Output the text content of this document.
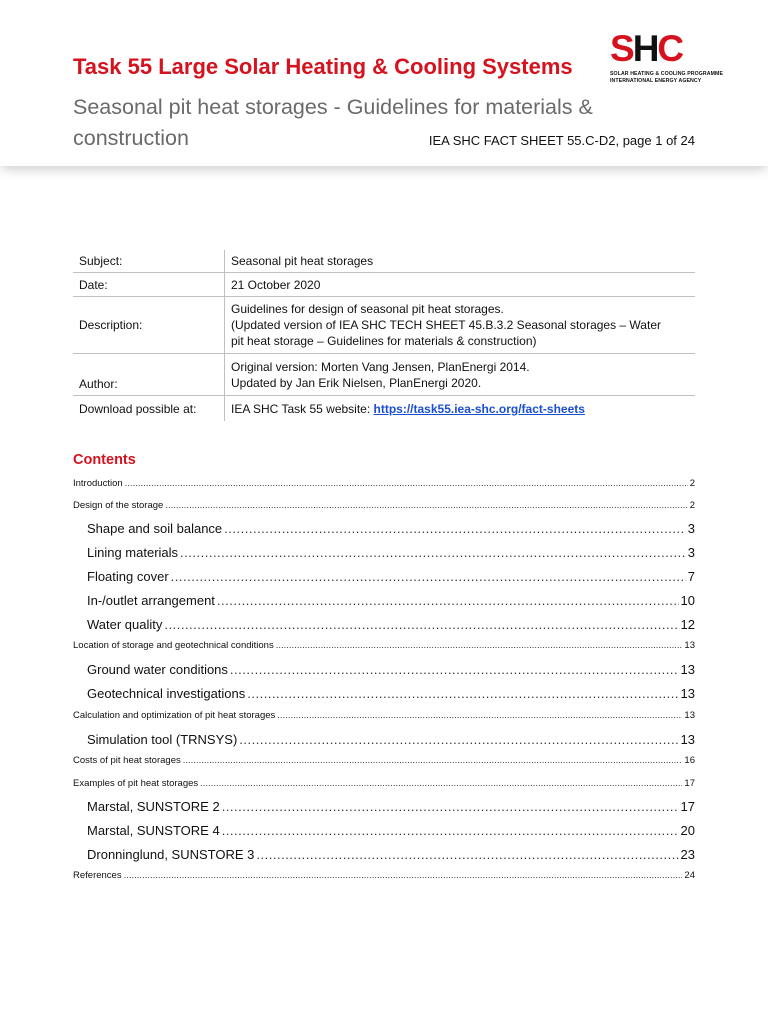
Task 55 Large Solar Heating & Cooling Systems
Seasonal pit heat storages - Guidelines for materials & construction	IEA SHC FACT SHEET 55.C-D2, page 1 of 24
SHC
SOLAR HEATING & COOLING PROGRAMME
INTERNATIONAL ENERGY AGENCY
Subject:	Seasonal pit heat storages
Date:	21 October 2020
Description:	Guidelines for design of seasonal pit heat storages.
(Updated version of IEA SHC TECH SHEET 45.B.3.2 Seasonal storages – Water
pit heat storage – Guidelines for materials & construction)

Author:	Original version: Morten Vang Jensen, PlanEnergi 2014.
Updated by Jan Erik Nielsen, PlanEnergi 2020.

Download possible at:	IEA SHC Task 55 website: https://task55.iea-shc.org/fact-sheets
Contents
Introduction .....	2
Design of the storage .....	2
Shape and soil balance .....	3
Lining materials .....	3
Floating cover .....	7
In-/outlet arrangement .....	10
Water quality .....	12
Location of storage and geotechnical conditions .....	13
Ground water conditions .....	13
Geotechnical investigations .....	13
Calculation and optimization of pit heat storages .....	13
Simulation tool (TRNSYS) .....	13
Costs of pit heat storages .....	16
Examples of pit heat storages .....	17
Marstal, SUNSTORE 2 .....	17
Marstal, SUNSTORE 4 .....	20
Dronninglund, SUNSTORE 3 .....	23
References .....	24
